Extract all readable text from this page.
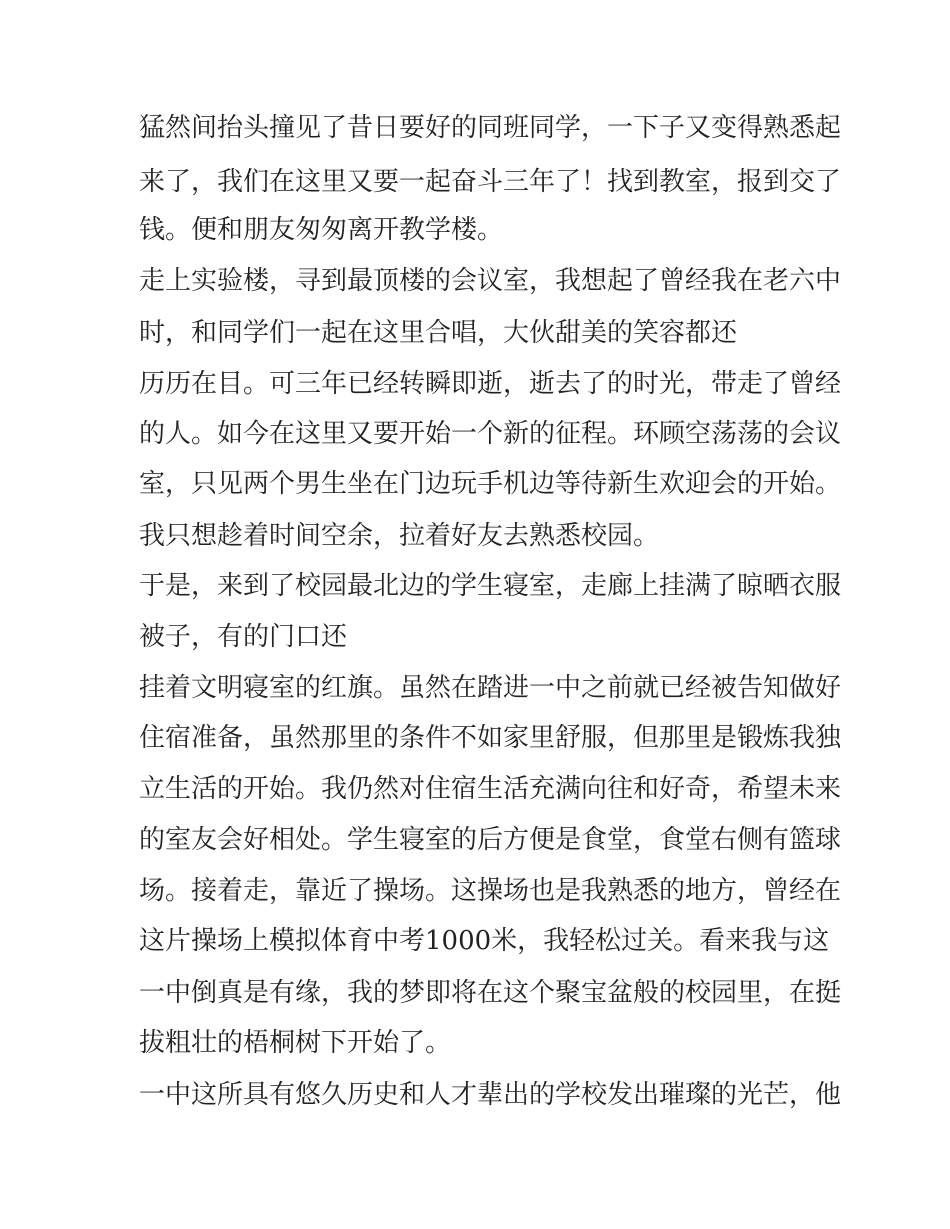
猛然间抬头撞见了昔日要好的同班同学，一下子又变得熟悉起
来了，我们在这里又要一起奋斗三年了！找到教室，报到交了
钱。便和朋友匆匆离开教学楼。
走上实验楼，寻到最顶楼的会议室，我想起了曾经我在老六中
时，和同学们一起在这里合唱，大伙甜美的笑容都还
历历在目。可三年已经转瞬即逝，逝去了的时光，带走了曾经
的人。如今在这里又要开始一个新的征程。环顾空荡荡的会议
室，只见两个男生坐在门边玩手机边等待新生欢迎会的开始。
我只想趁着时间空余，拉着好友去熟悉校园。
于是，来到了校园最北边的学生寝室，走廊上挂满了晾晒衣服
被子，有的门口还
挂着文明寝室的红旗。虽然在踏进一中之前就已经被告知做好
住宿准备，虽然那里的条件不如家里舒服，但那里是锻炼我独
立生活的开始。我仍然对住宿生活充满向往和好奇，希望未来
的室友会好相处。学生寝室的后方便是食堂，食堂右侧有篮球
场。接着走，靠近了操场。这操场也是我熟悉的地方，曾经在
这片操场上模拟体育中考1000米，我轻松过关。看来我与这
一中倒真是有缘，我的梦即将在这个聚宝盆般的校园里，在挺
拔粗壮的梧桐树下开始了。
一中这所具有悠久历史和人才辈出的学校发出璀璨的光芒，他
